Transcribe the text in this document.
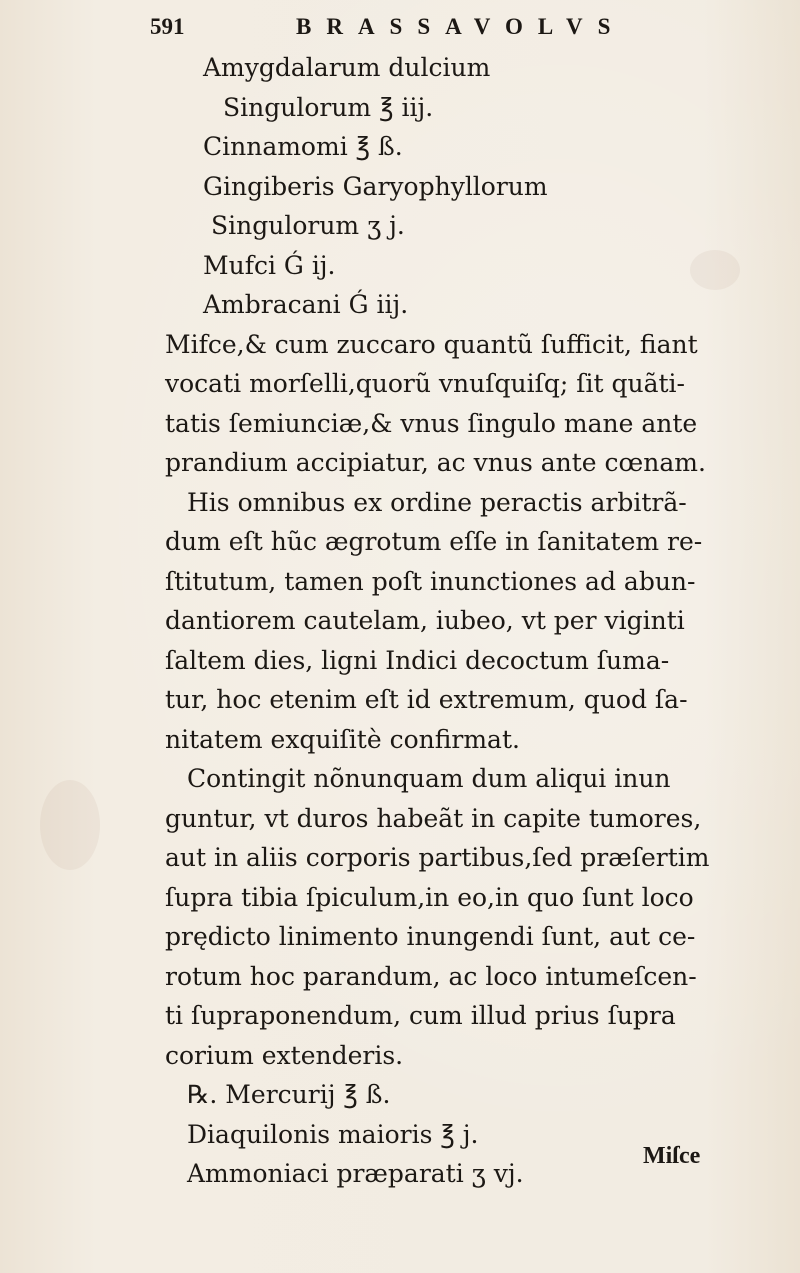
591	BRASSAVOLVS
Amygdalarum dulcium
Singulorum ℥ iij.
Cinnamomi ℥ ß.
Gingiberis Garyophyllorum
Singulorum ʒ j.
Mufci Ǵ ij.
Ambracani Ǵ iij.
Mifce,& cum zuccaro quantũ ſufficit, fiant
vocati morſelli,quorũ vnuſquiſq; ſit quãti-
tatis ſemiunciæ,& vnus ſingulo mane ante
prandium accipiatur, ac vnus ante cœnam.
His omnibus ex ordine peractis arbitrã-
dum eſt hũc ægrotum eſſe in ſanitatem re-
ſtitutum, tamen poſt inunctiones ad abun-
dantiorem cautelam, iubeo, vt per viginti
ſaltem dies, ligni Indici decoctum ſuma-
tur, hoc etenim eſt id extremum, quod ſa-
nitatem exquiſitè confirmat.
Contingit nõnunquam dum aliqui inun
guntur, vt duros habeãt in capite tumores,
aut in aliis corporis partibus,ſed præſertim
ſupra tibia ſpiculum,in eo,in quo ſunt loco
prędicto linimento inungendi ſunt, aut ce-
rotum hoc parandum, ac loco intumeſcen-
ti ſupraponendum, cum illud prius ſupra
corium extenderis.
℞. Mercurij ℥ ß.
Diaquilonis maioris ℥ j.
Ammoniaci præparati ʒ vj.
Miſce
